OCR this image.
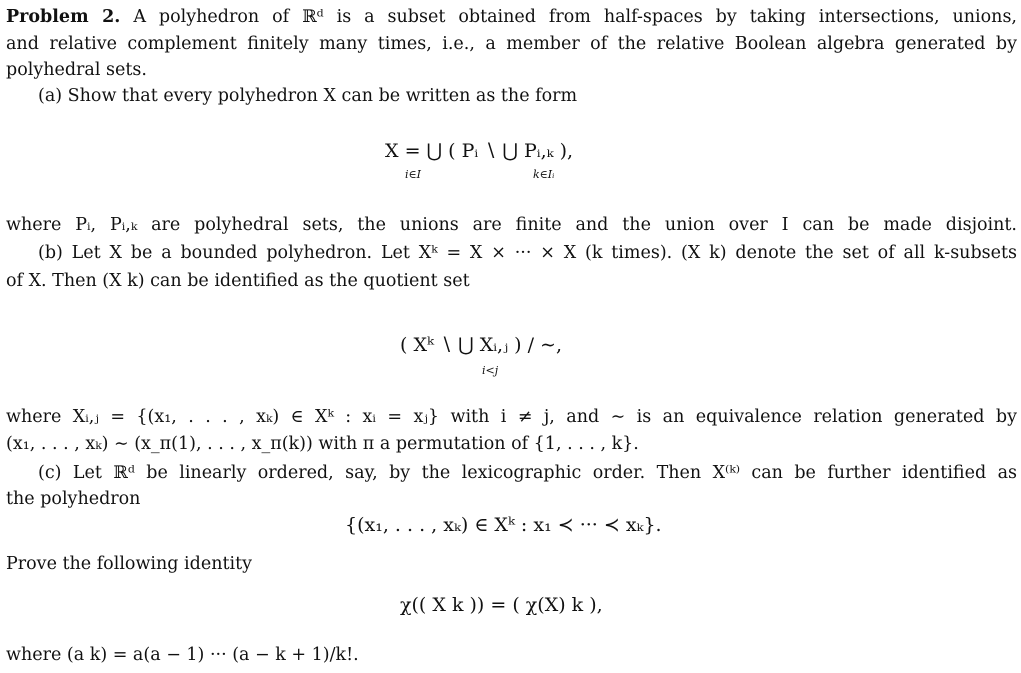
Problem 2. A polyhedron of ℝᵈ is a subset obtained from half-spaces by taking intersections, unions,
and relative complement finitely many times, i.e., a member of the relative Boolean algebra generated by
polyhedral sets.
(a) Show that every polyhedron X can be written as the form
X = ⋃ ( Pᵢ ∖ ⋃ Pᵢ,ₖ ),
i∈I	k∈Iᵢ
where Pᵢ, Pᵢ,ₖ are polyhedral sets, the unions are finite and the union over I can be made disjoint.
(b) Let X be a bounded polyhedron. Let Xᵏ = X × ··· × X (k times). (X k) denote the set of all k-subsets
of X. Then (X k) can be identified as the quotient set
( Xᵏ ∖ ⋃ Xᵢ,ⱼ ) / ∼,
i<j
where Xᵢ,ⱼ = {(x₁, . . . , xₖ) ∈ Xᵏ : xᵢ = xⱼ} with i ≠ j, and ∼ is an equivalence relation generated by
(x₁, . . . , xₖ) ∼ (x_π(1), . . . , x_π(k)) with π a permutation of {1, . . . , k}.
(c) Let ℝᵈ be linearly ordered, say, by the lexicographic order. Then X⁽ᵏ⁾ can be further identified as
the polyhedron
{(x₁, . . . , xₖ) ∈ Xᵏ : x₁ ≺ ··· ≺ xₖ}.
Prove the following identity
χ(( X k )) = ( χ(X) k ),
where (a k) = a(a − 1) ··· (a − k + 1)/k!.
